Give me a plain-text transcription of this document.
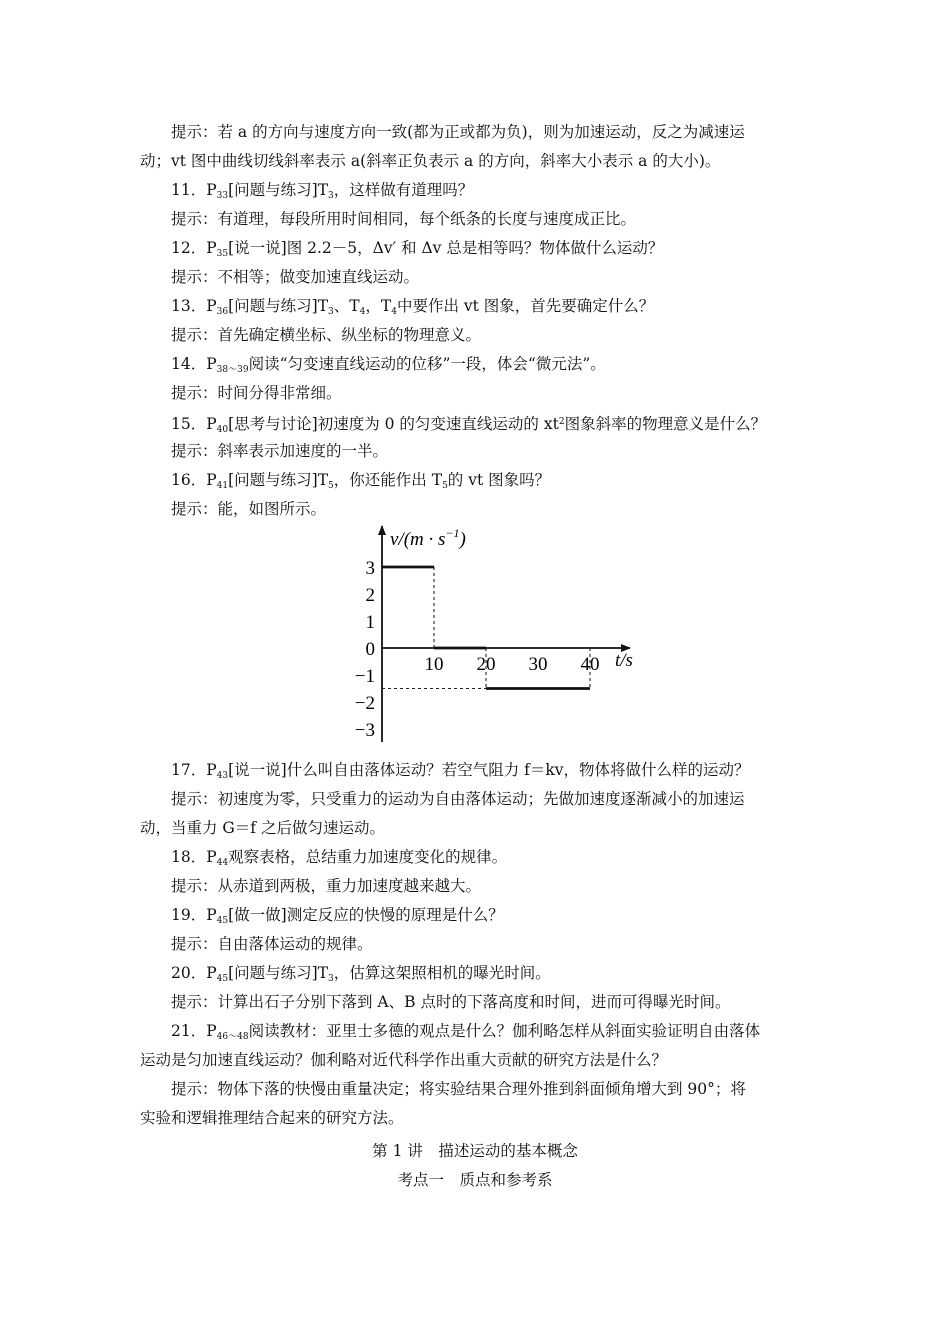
提示：若 a 的方向与速度方向一致(都为正或都为负)，则为加速运动，反之为减速运
动；vt 图中曲线切线斜率表示 a(斜率正负表示 a 的方向，斜率大小表示 a 的大小)。
11．$P_{33}$[问题与练习]$T_3$，这样做有道理吗？
提示：有道理，每段所用时间相同，每个纸条的长度与速度成正比。
12．$P_{35}$[说一说]图 2.2－5，Δv′ 和 Δv 总是相等吗？物体做什么运动？
提示：不相等；做变加速直线运动。
13．$P_{36}$[问题与练习]$T_3$、$T_4$，$T_4$中要作出 vt 图象，首先要确定什么？
提示：首先确定横坐标、纵坐标的物理意义。
14．$P_{38\sim 39}$阅读“匀变速直线运动的位移”一段，体会“微元法”。
提示：时间分得非常细。
15．$P_{40}$[思考与讨论]初速度为 0 的匀变速直线运动的 $xt^2$图象斜率的物理意义是什么？
提示：斜率表示加速度的一半。
16．$P_{41}$[问题与练习]$T_5$，你还能作出 $T_5$的 vt 图象吗？
提示：能，如图所示。
$v/(m \cdot s^{-1})$
t/s
10 20 30 40
3
2
1
0
−1
−2
−3
17．$P_{43}$[说一说]什么叫自由落体运动？若空气阻力 f＝kv，物体将做什么样的运动？
提示：初速度为零，只受重力的运动为自由落体运动；先做加速度逐渐减小的加速运
动，当重力 G＝f 之后做匀速运动。
18．$P_{44}$观察表格，总结重力加速度变化的规律。
提示：从赤道到两极，重力加速度越来越大。
19．$P_{45}$[做一做]测定反应的快慢的原理是什么？
提示：自由落体运动的规律。
20．$P_{45}$[问题与练习]$T_3$，估算这架照相机的曝光时间。
提示：计算出石子分别下落到 A、B 点时的下落高度和时间，进而可得曝光时间。
21．$P_{46\sim 48}$阅读教材：亚里士多德的观点是什么？伽利略怎样从斜面实验证明自由落体
运动是匀加速直线运动？伽利略对近代科学作出重大贡献的研究方法是什么？
提示：物体下落的快慢由重量决定；将实验结果合理外推到斜面倾角增大到 90°；将
实验和逻辑推理结合起来的研究方法。
第 1 讲　描述运动的基本概念
考点一　质点和参考系
